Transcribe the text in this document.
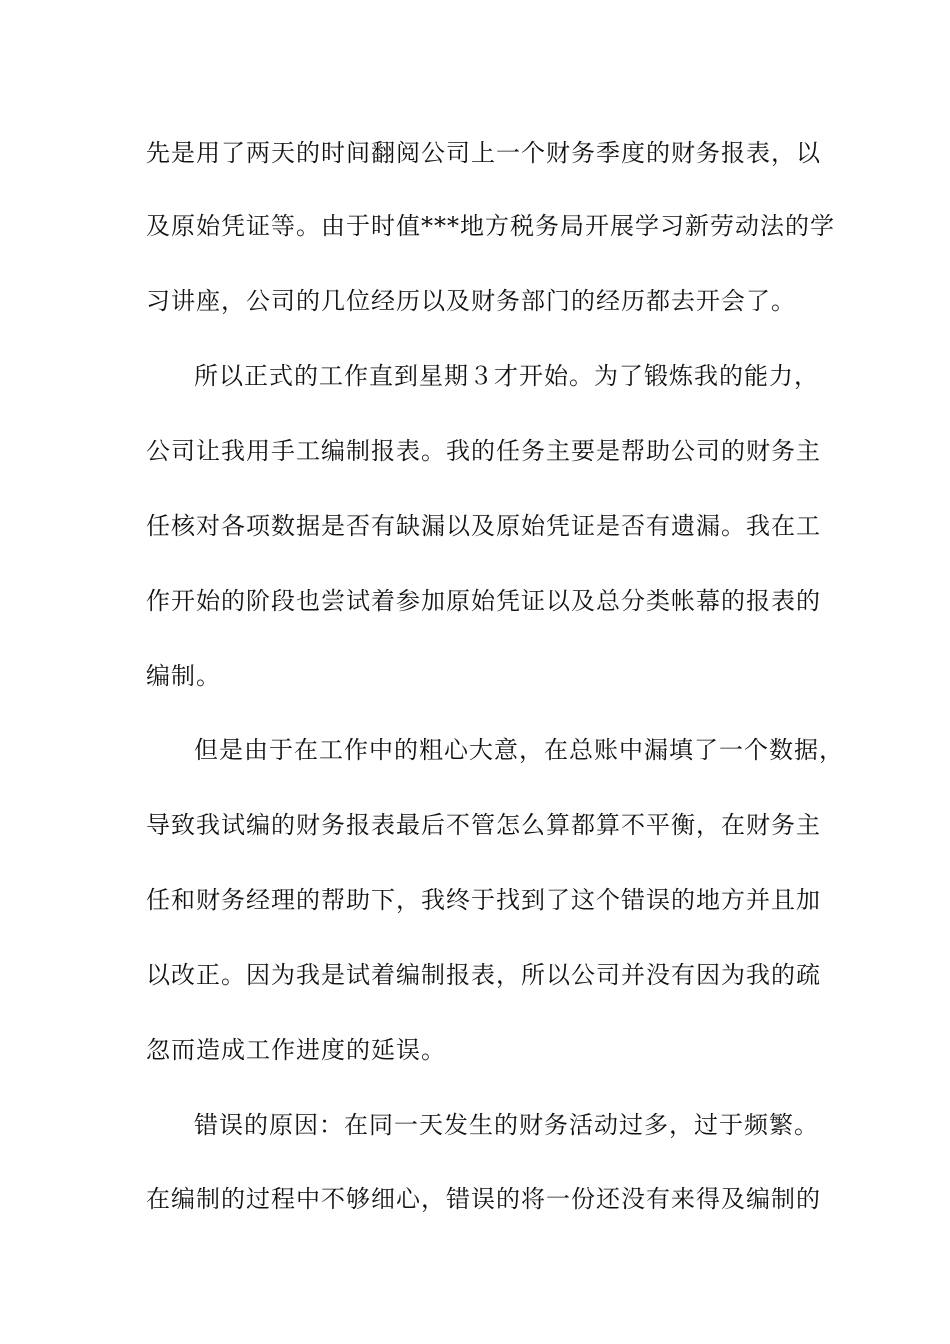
先是用了两天的时间翻阅公司上一个财务季度的财务报表，以
及原始凭证等。由于时值***地方税务局开展学习新劳动法的学
习讲座，公司的几位经历以及财务部门的经历都去开会了。
所以正式的工作直到星期３才开始。为了锻炼我的能力，
公司让我用手工编制报表。我的任务主要是帮助公司的财务主
任核对各项数据是否有缺漏以及原始凭证是否有遗漏。我在工
作开始的阶段也尝试着参加原始凭证以及总分类帐幕的报表的
编制。
但是由于在工作中的粗心大意，在总账中漏填了一个数据，
导致我试编的财务报表最后不管怎么算都算不平衡，在财务主
任和财务经理的帮助下，我终于找到了这个错误的地方并且加
以改正。因为我是试着编制报表，所以公司并没有因为我的疏
忽而造成工作进度的延误。
错误的原因：在同一天发生的财务活动过多，过于频繁。
在编制的过程中不够细心，错误的将一份还没有来得及编制的
